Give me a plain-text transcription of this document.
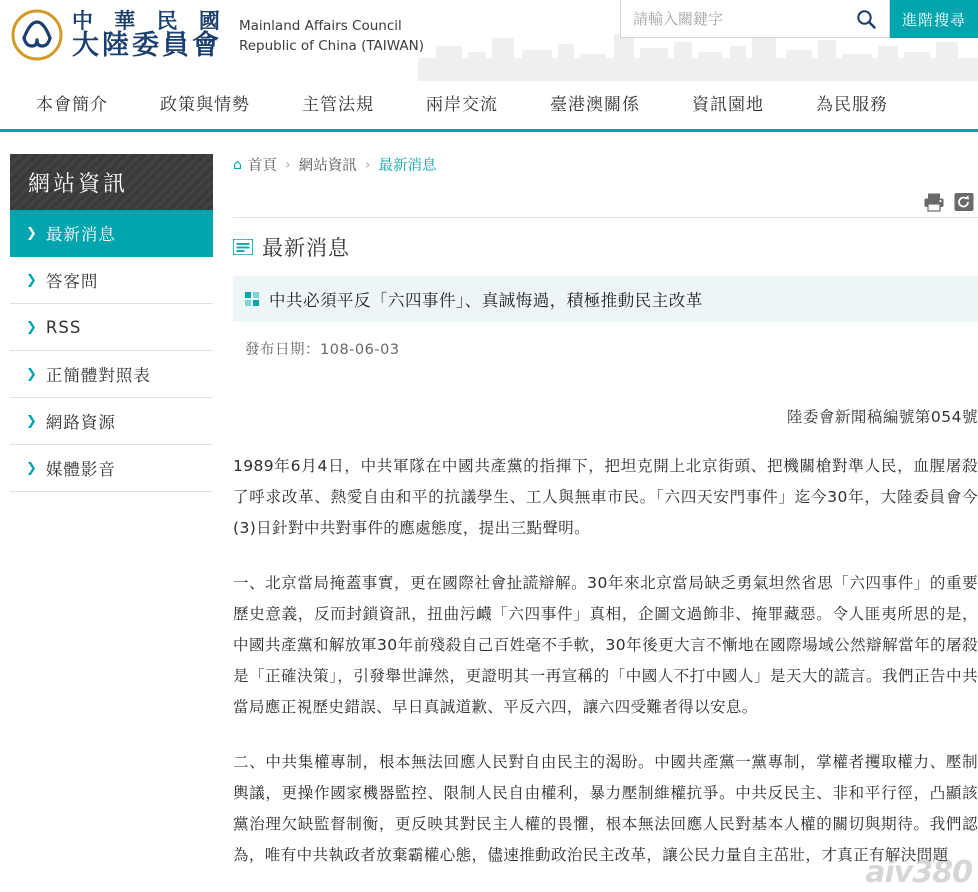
中 華 民 國
大陸委員會
Mainland Affairs Council
Republic of China (TAIWAN)
請輸入關鍵字
進階搜尋
本會簡介	政策與情勢	主管法規	兩岸交流	臺港澳關係	資訊園地	為民服務
網站資訊
❯ 最新消息
❯ 答客問
❯ RSS
❯ 正簡體對照表
❯ 網路資源
❯ 媒體影音
⌂ 首頁 › 網站資訊 › 最新消息
最新消息
中共必須平反「六四事件」、真誠悔過，積極推動民主改革
發布日期：108-06-03
陸委會新聞稿編號第054號
1989年6月4日，中共軍隊在中國共產黨的指揮下，把坦克開上北京街頭、把機關槍對準人民，血腥屠殺了呼求改革、熱愛自由和平的抗議學生、工人與無車市民。「六四天安門事件」迄今30年，大陸委員會今(3)日針對中共對事件的應處態度，提出三點聲明。
一、北京當局掩蓋事實，更在國際社會扯謊辯解。30年來北京當局缺乏勇氣坦然省思「六四事件」的重要歷史意義，反而封鎖資訊，扭曲污衊「六四事件」真相，企圖文過飾非、掩罪藏惡。令人匪夷所思的是，中國共產黨和解放軍30年前殘殺自己百姓毫不手軟，30年後更大言不慚地在國際場域公然辯解當年的屠殺是「正確決策」，引發舉世譁然，更證明其一再宣稱的「中國人不打中國人」是天大的謊言。我們正告中共當局應正視歷史錯誤、早日真誠道歉、平反六四，讓六四受難者得以安息。
二、中共集權專制，根本無法回應人民對自由民主的渴盼。中國共產黨一黨專制，掌權者攫取權力、壓制輿議，更操作國家機器監控、限制人民自由權利，暴力壓制維權抗爭。中共反民主、非和平行徑，凸顯該黨治理欠缺監督制衡，更反映其對民主人權的畏懼，根本無法回應人民對基本人權的關切與期待。我們認為，唯有中共執政者放棄霸權心態，儘速推動政治民主改革，讓公民力量自主茁壯，才真正有解決問題
aiv380
